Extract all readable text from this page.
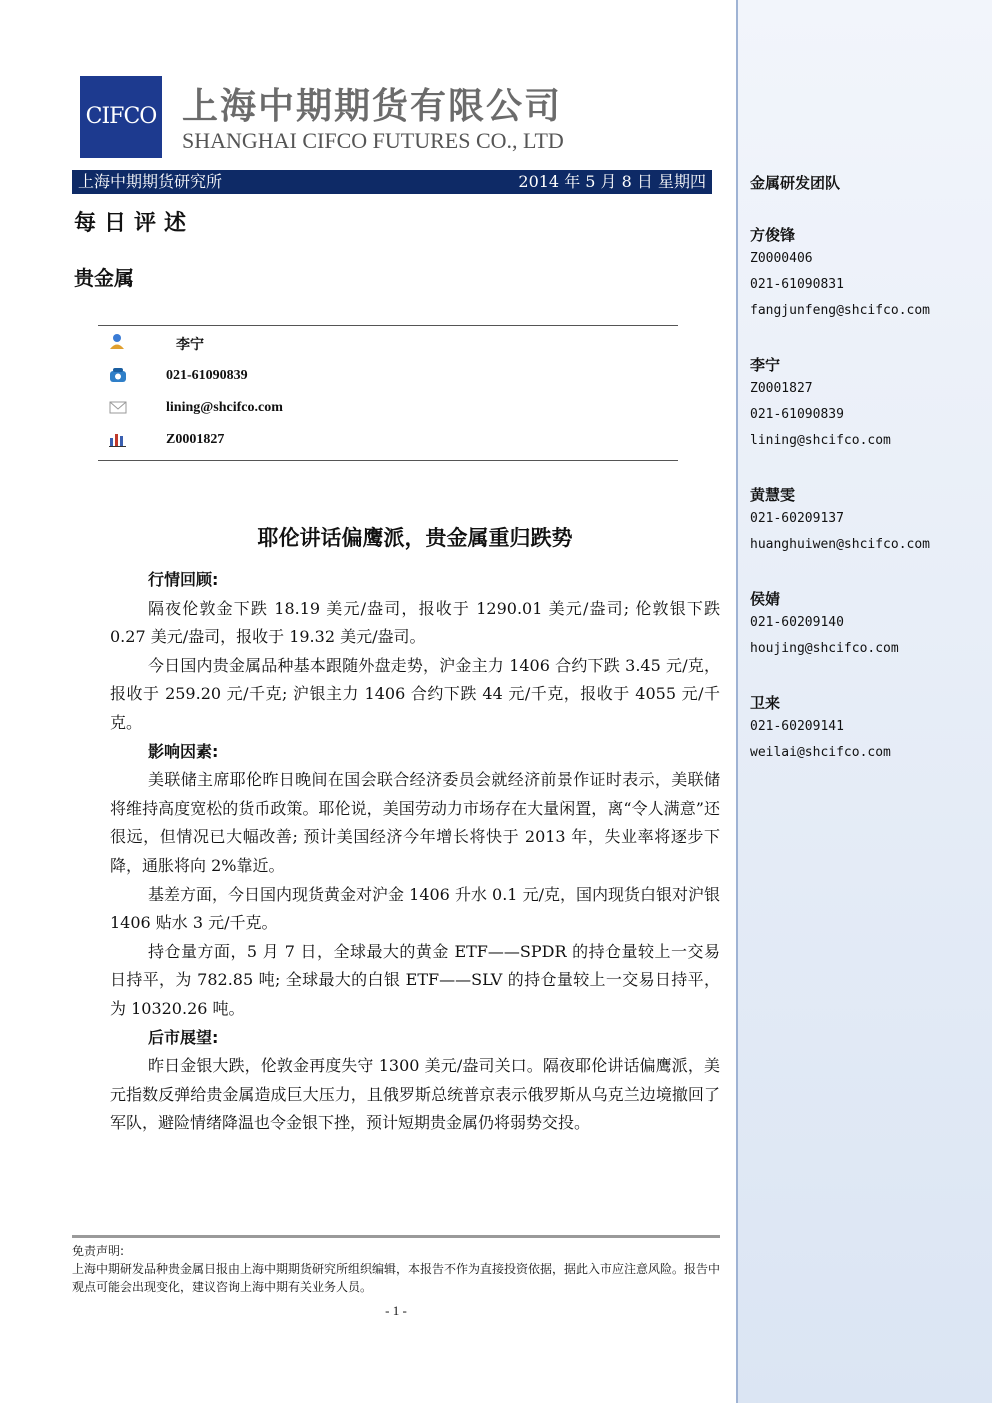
金属研发团队
方俊锋
Z0000406
021-61090831
fangjunfeng@shcifco.com
李宁
Z0001827
021-61090839
lining@shcifco.com
黄慧雯
021-60209137
huanghuiwen@shcifco.com
侯婧
021-60209140
houjing@shcifco.com
卫来
021-60209141
weilai@shcifco.com
CIFCO 上海中期期货有限公司
SHANGHAI CIFCO FUTURES CO., LTD
上海中期期货研究所	2014 年 5 月 8 日 星期四
每日评述
贵金属
李宁
021-61090839
lining@shcifco.com
Z0001827
耶伦讲话偏鹰派，贵金属重归跌势
行情回顾:

隔夜伦敦金下跌 18.19 美元/盎司，报收于 1290.01 美元/盎司; 伦敦银下跌 0.27 美元/盎司，报收于 19.32 美元/盎司。

今日国内贵金属品种基本跟随外盘走势，沪金主力 1406 合约下跌 3.45 元/克，报收于 259.20 元/千克; 沪银主力 1406 合约下跌 44 元/千克，报收于 4055 元/千克。

影响因素:

美联储主席耶伦昨日晚间在国会联合经济委员会就经济前景作证时表示，美联储将维持高度宽松的货币政策。耶伦说，美国劳动力市场存在大量闲置，离“令人满意”还很远，但情况已大幅改善; 预计美国经济今年增长将快于 2013 年，失业率将逐步下降，通胀将向 2%靠近。

基差方面，今日国内现货黄金对沪金 1406 升水 0.1 元/克，国内现货白银对沪银 1406 贴水 3 元/千克。

持仓量方面，5 月 7 日，全球最大的黄金 ETF——SPDR 的持仓量较上一交易日持平，为 782.85 吨; 全球最大的白银 ETF——SLV 的持仓量较上一交易日持平，为 10320.26 吨。

后市展望:

昨日金银大跌，伦敦金再度失守 1300 美元/盎司关口。隔夜耶伦讲话偏鹰派，美元指数反弹给贵金属造成巨大压力，且俄罗斯总统普京表示俄罗斯从乌克兰边境撤回了军队，避险情绪降温也令金银下挫，预计短期贵金属仍将弱势交投。

免责声明:

上海中期研发品种贵金属日报由上海中期期货研究所组织编辑，本报告不作为直接投资依据，据此入市应注意风险。报告中观点可能会出现变化，建议咨询上海中期有关业务人员。

- 1 -
